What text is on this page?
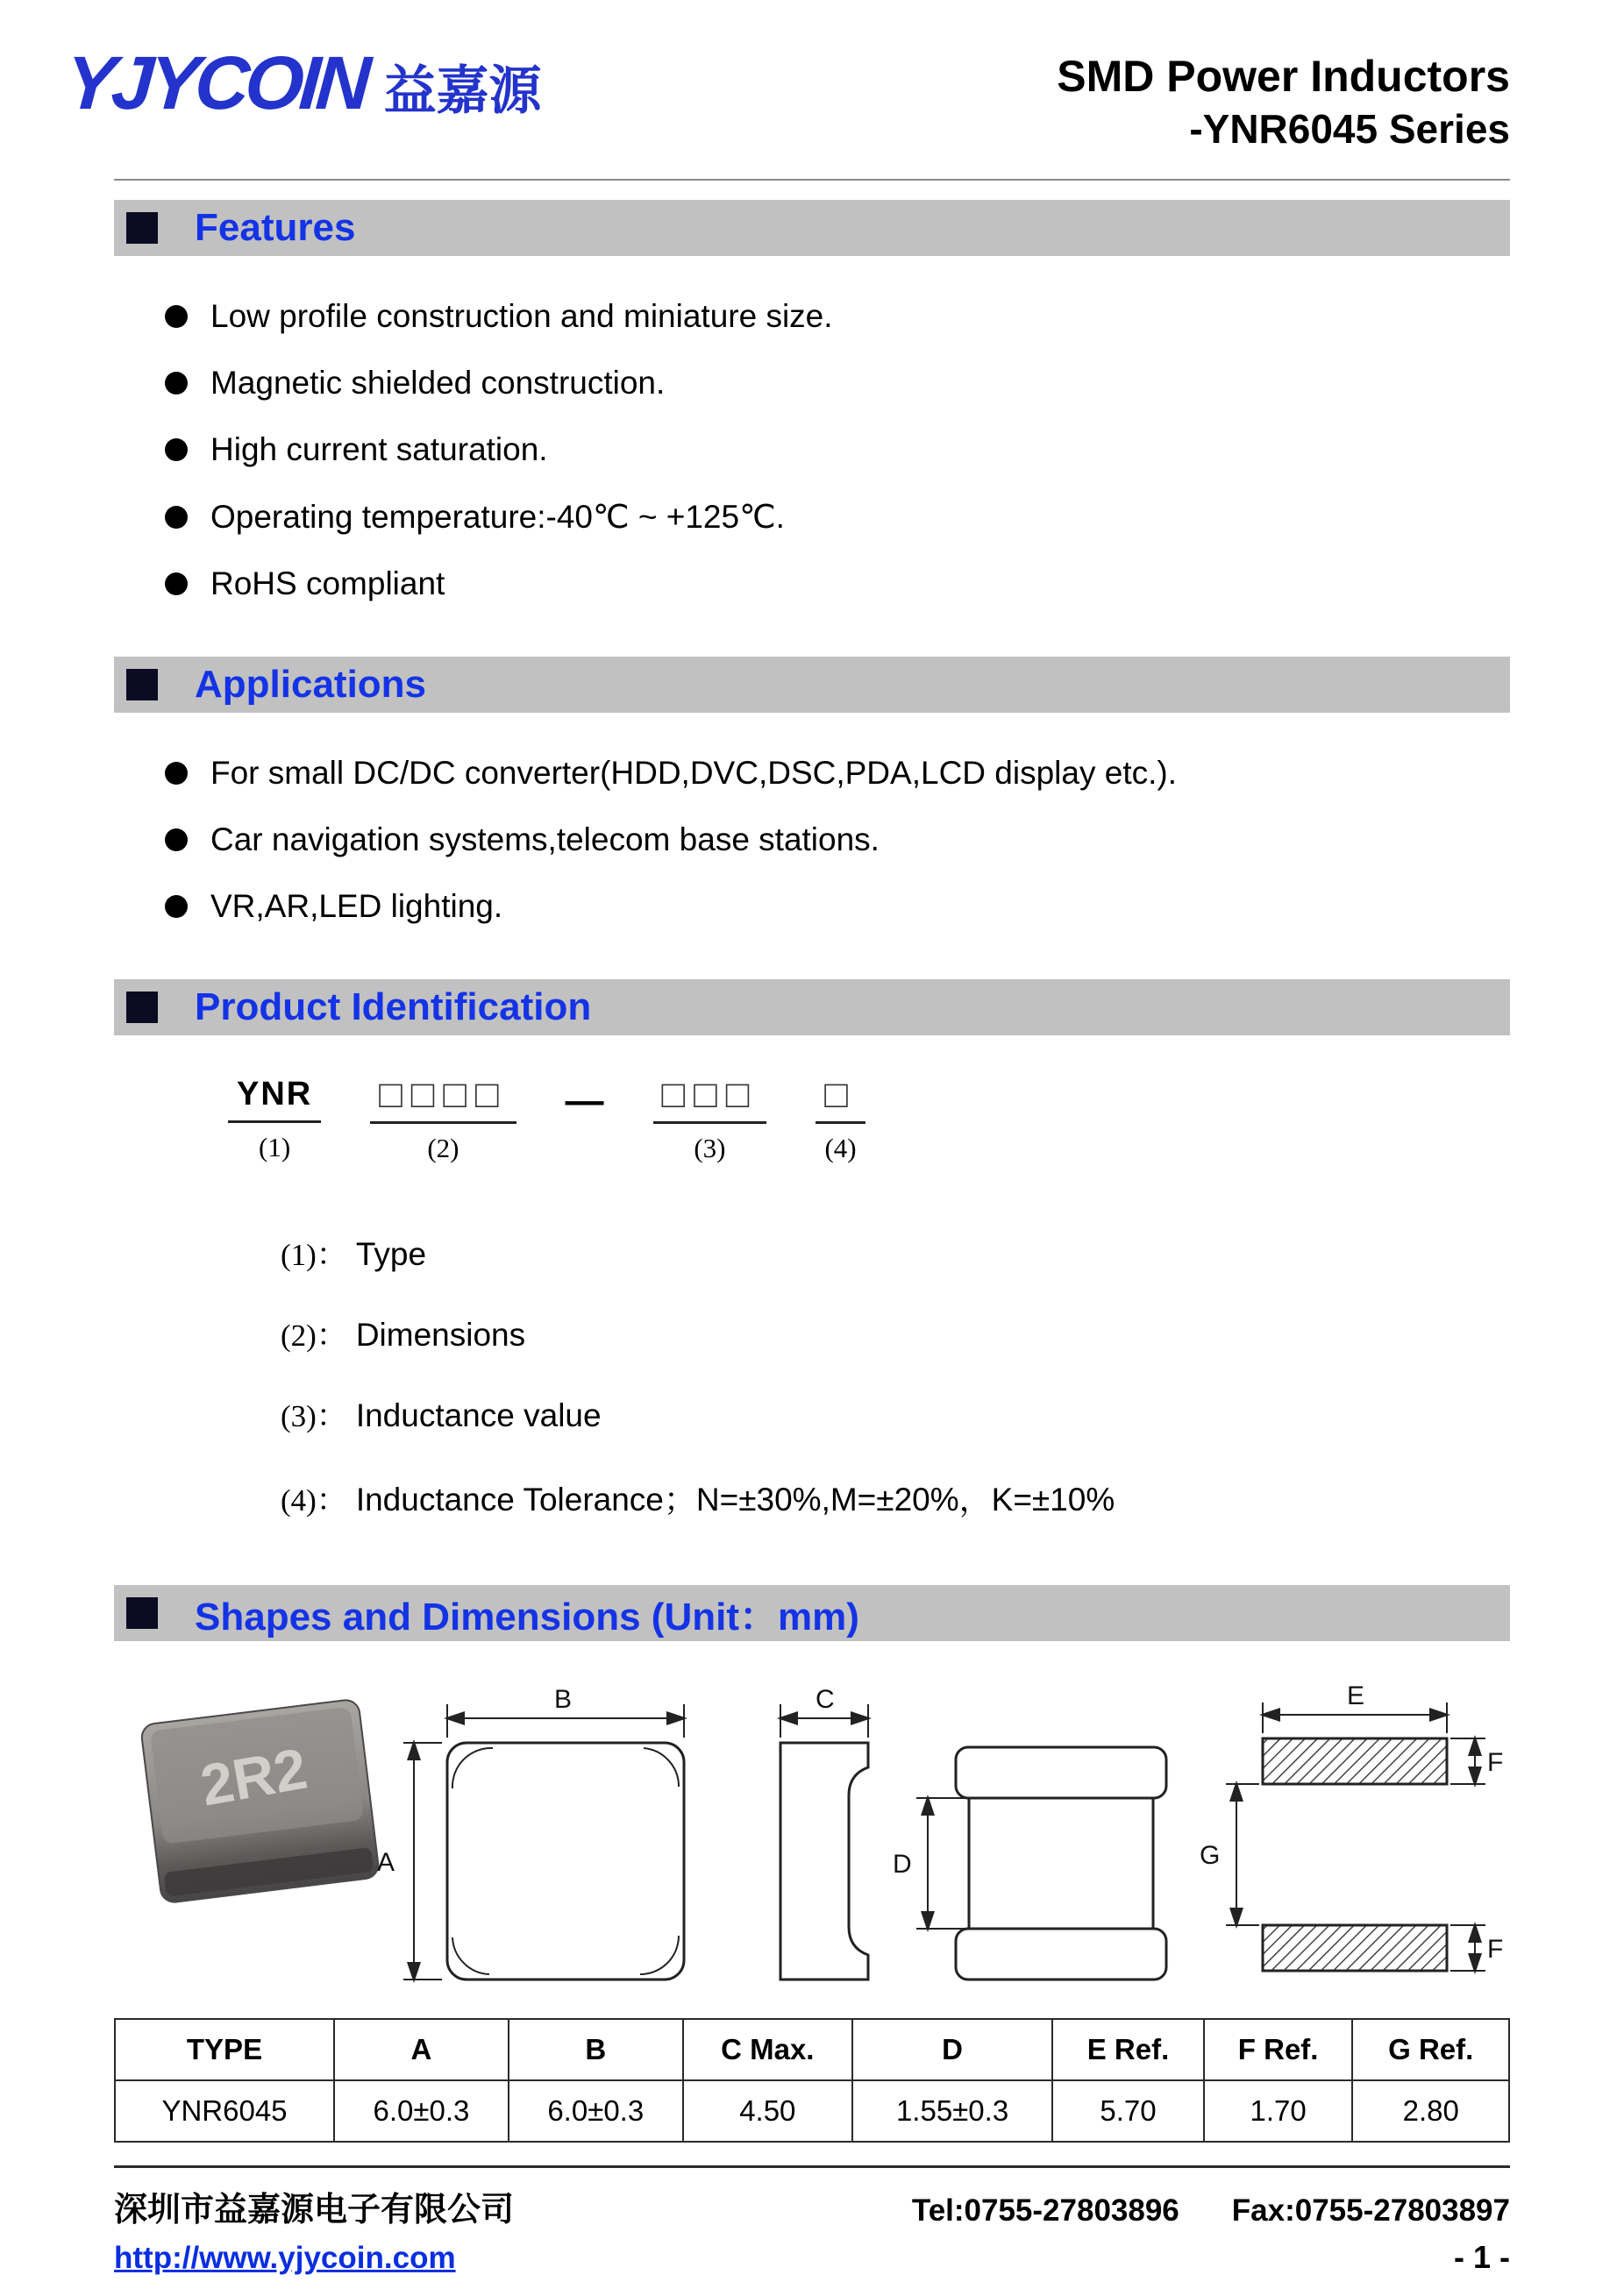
YJYCOIN 益嘉源	SMD Power Inductors
-YNR6045 Series
Features
Low profile construction and miniature size.
Magnetic shielded construction.
High current saturation.
Operating temperature:-40℃ ~ +125℃.
RoHS compliant
Applications
For small DC/DC converter(HDD,DVC,DSC,PDA,LCD display etc.).
Car navigation systems,telecom base stations.
VR,AR,LED lighting.
Product Identification
YNR
(1)
□□□□
(2)
— □□□
(3)
□
(4)
(1)： Type
(2)： Dimensions
(3)： Inductance value
(4)： Inductance Tolerance；N=±30%,M=±20%，K=±10%
Shapes and Dimensions (Unit：mm)
2R2
B
A
C
D
E
F
F
G
TYPE	A	B	C Max.	D	E Ref.	F Ref.	G Ref.
YNR6045	6.0±0.3	6.0±0.3	4.50	1.55±0.3	5.70	1.70	2.80
深圳市益嘉源电子有限公司	Tel:0755-27803896 Fax:0755-27803897
http://www.yjycoin.com	- 1 -
